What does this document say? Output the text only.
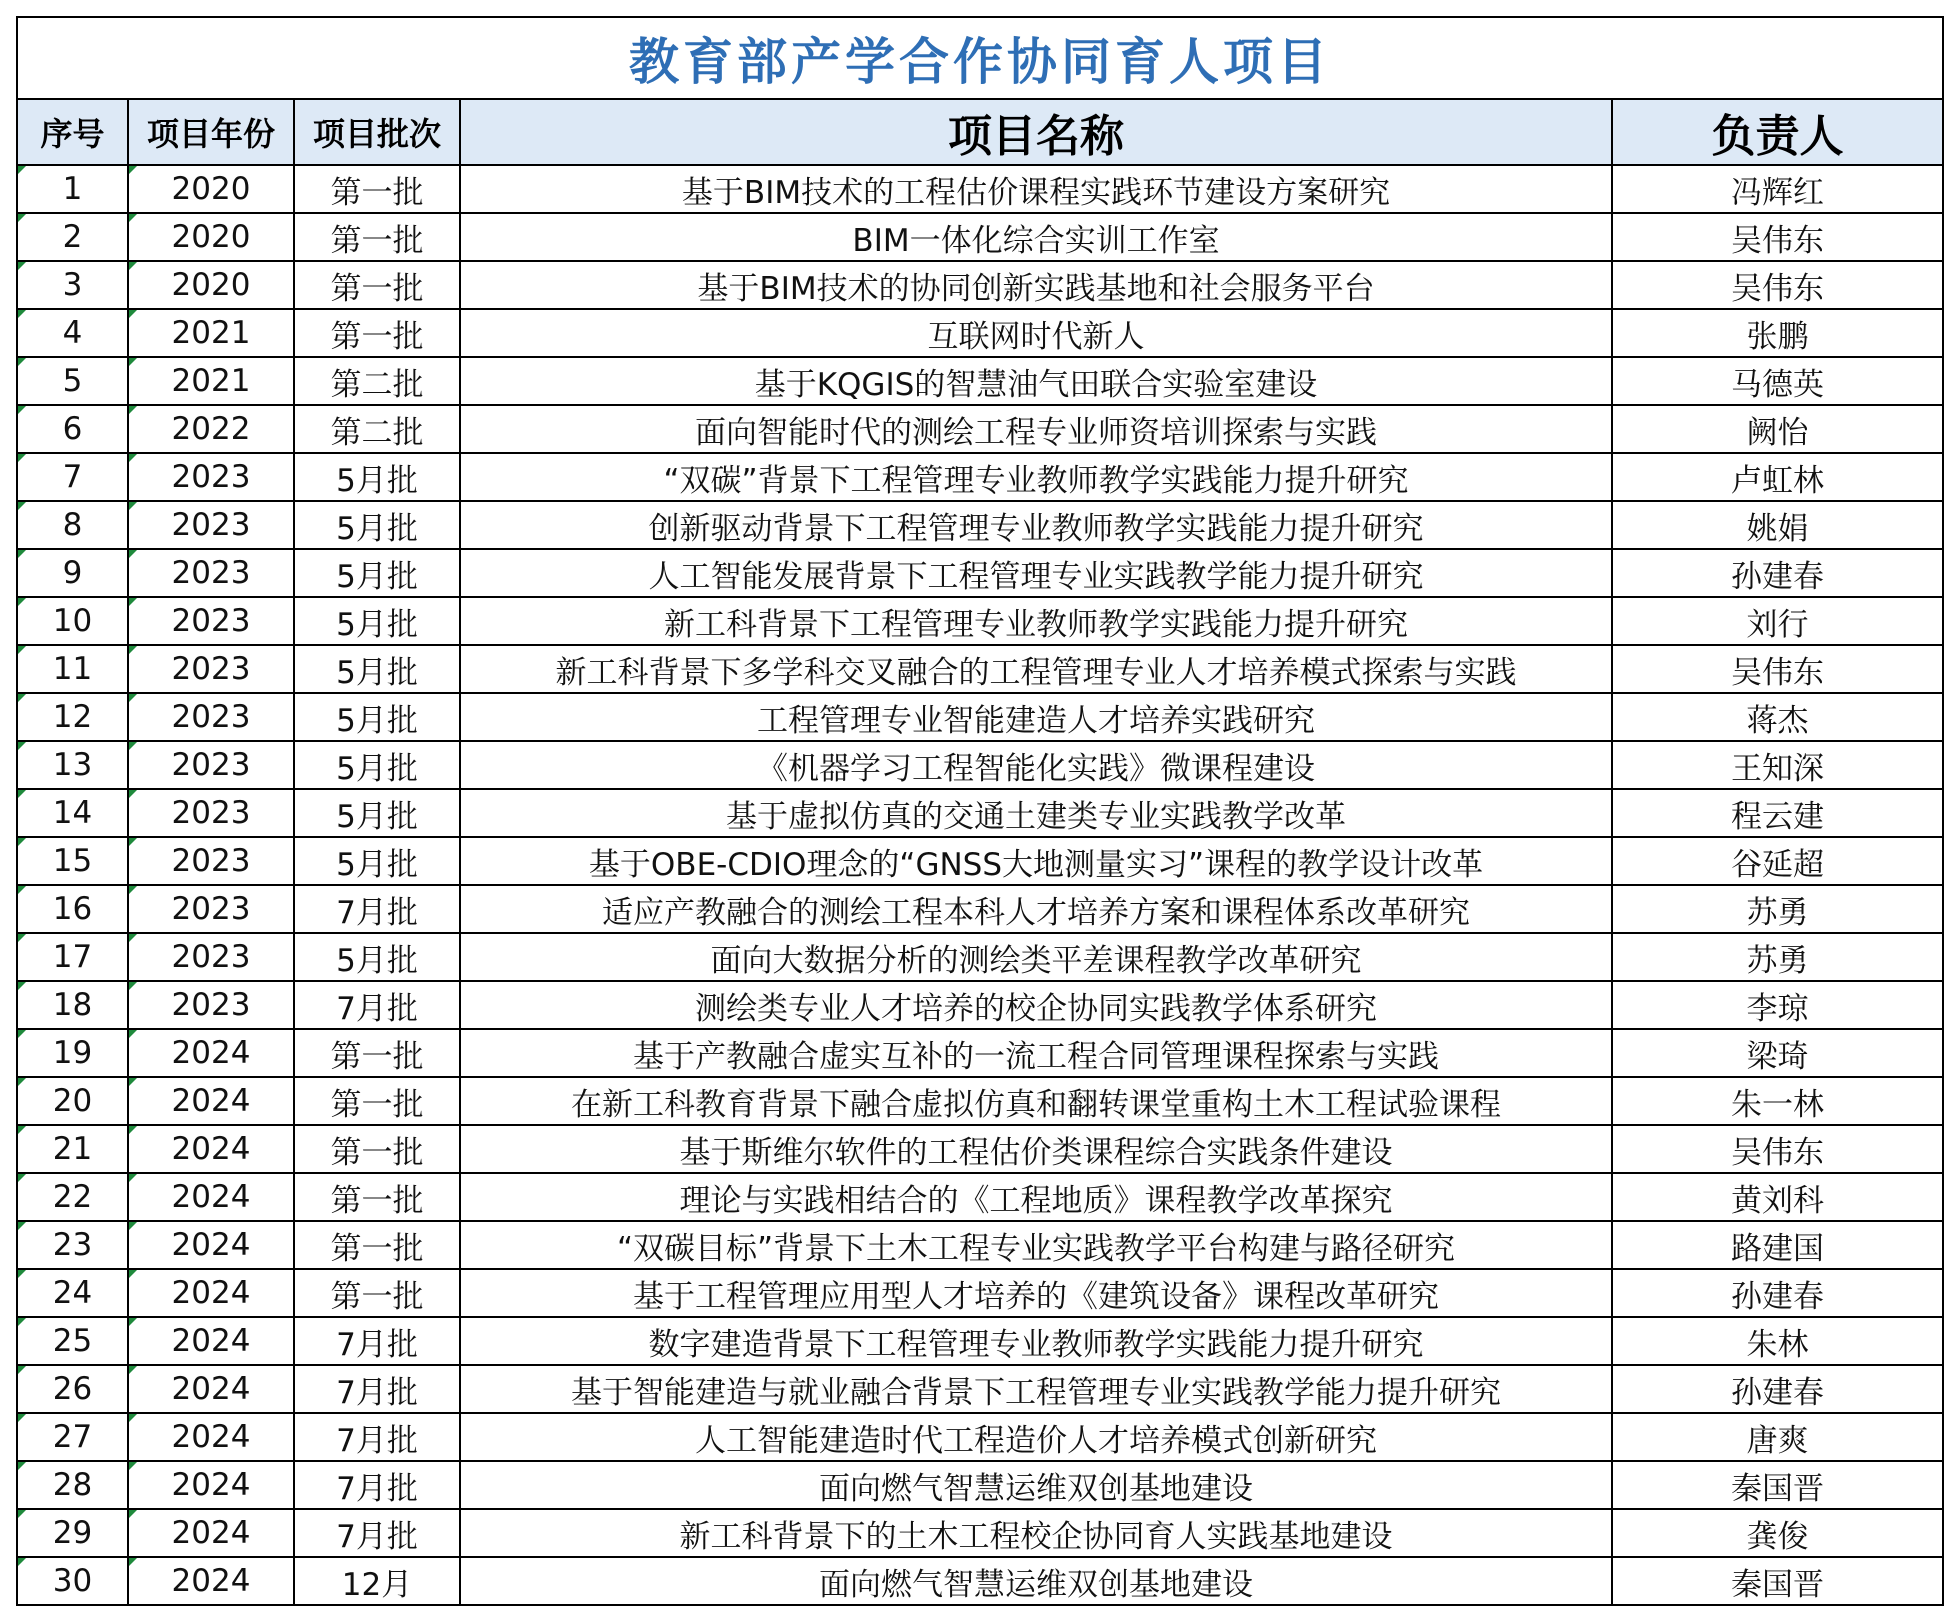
教育部产学合作协同育人项目				
序号	项目年份	项目批次	项目名称	负责人
1	2020	第一批	基于BIM技术的工程估价课程实践环节建设方案研究	冯辉红
2	2020	第一批	BIM一体化综合实训工作室	吴伟东
3	2020	第一批	基于BIM技术的协同创新实践基地和社会服务平台	吴伟东
4	2021	第一批	互联网时代新人	张鹏
5	2021	第二批	基于KQGIS的智慧油气田联合实验室建设	马德英
6	2022	第二批	面向智能时代的测绘工程专业师资培训探索与实践	阙怡
7	2023	5月批	“双碳”背景下工程管理专业教师教学实践能力提升研究	卢虹林
8	2023	5月批	创新驱动背景下工程管理专业教师教学实践能力提升研究	姚娟
9	2023	5月批	人工智能发展背景下工程管理专业实践教学能力提升研究	孙建春
10	2023	5月批	新工科背景下工程管理专业教师教学实践能力提升研究	刘行
11	2023	5月批	新工科背景下多学科交叉融合的工程管理专业人才培养模式探索与实践	吴伟东
12	2023	5月批	工程管理专业智能建造人才培养实践研究	蒋杰
13	2023	5月批	《机器学习工程智能化实践》微课程建设	王知深
14	2023	5月批	基于虚拟仿真的交通土建类专业实践教学改革	程云建
15	2023	5月批	基于OBE-CDIO理念的“GNSS大地测量实习”课程的教学设计改革	谷延超
16	2023	7月批	适应产教融合的测绘工程本科人才培养方案和课程体系改革研究	苏勇
17	2023	5月批	面向大数据分析的测绘类平差课程教学改革研究	苏勇
18	2023	7月批	测绘类专业人才培养的校企协同实践教学体系研究	李琼
19	2024	第一批	基于产教融合虚实互补的一流工程合同管理课程探索与实践	梁琦
20	2024	第一批	在新工科教育背景下融合虚拟仿真和翻转课堂重构土木工程试验课程	朱一林
21	2024	第一批	基于斯维尔软件的工程估价类课程综合实践条件建设	吴伟东
22	2024	第一批	理论与实践相结合的《工程地质》课程教学改革探究	黄刘科
23	2024	第一批	“双碳目标”背景下土木工程专业实践教学平台构建与路径研究	路建国
24	2024	第一批	基于工程管理应用型人才培养的《建筑设备》课程改革研究	孙建春
25	2024	7月批	数字建造背景下工程管理专业教师教学实践能力提升研究	朱林
26	2024	7月批	基于智能建造与就业融合背景下工程管理专业实践教学能力提升研究	孙建春
27	2024	7月批	人工智能建造时代工程造价人才培养模式创新研究	唐爽
28	2024	7月批	面向燃气智慧运维双创基地建设	秦国晋
29	2024	7月批	新工科背景下的土木工程校企协同育人实践基地建设	龚俊
30	2024	12月	面向燃气智慧运维双创基地建设	秦国晋
